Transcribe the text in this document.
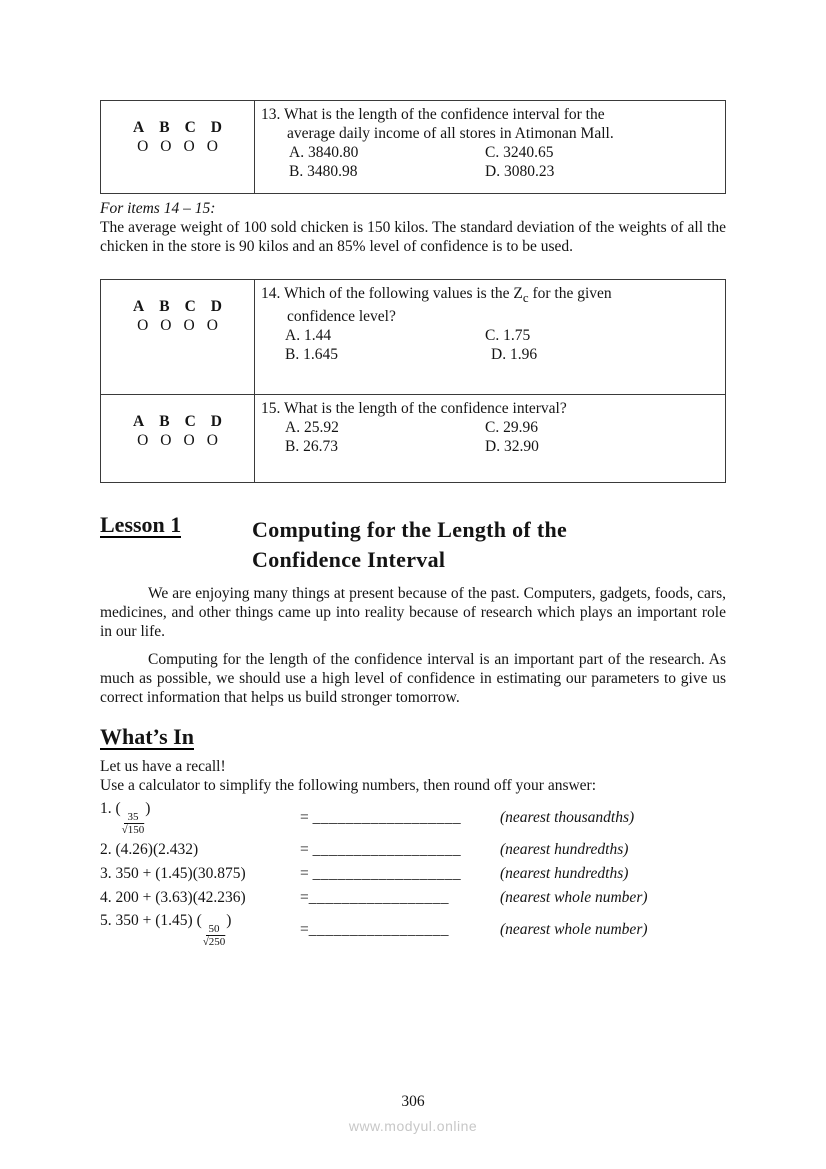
A B C D
O O O O

13. What is the length of the confidence interval for the
average daily income of all stores in Atimonan Mall.
A. 3840.80	C. 3240.65
B. 3480.98	D. 3080.23
For items 14 – 15:
The average weight of 100 sold chicken is 150 kilos. The standard deviation of the weights of all the chicken in the store is 90 kilos and an 85% level of confidence is to be used.
A B C D
O O O O

14. Which of the following values is the $Z_c$ for the given
confidence level?
A. 1.44	C. 1.75
B. 1.645	D. 1.96

A B C D
O O O O

15. What is the length of the confidence interval?
A. 25.92	C. 29.96
B. 26.73	D. 32.90
Lesson 1	Computing for the Length of the
Confidence Interval

We are enjoying many things at present because of the past. Computers, gadgets, foods, cars, medicines, and other things came up into reality because of research which plays an important role in our life.

Computing for the length of the confidence interval is an important part of the research. As much as possible, we should use a high level of confidence in estimating our parameters to give us correct information that helps us build stronger tomorrow.

What’s In
Let us have a recall!
Use a calculator to simplify the following numbers, then round off your answer:
1. (
$\frac{35}{√150}$
)
= __________________	(nearest thousandths)
2. (4.26)(2.432)	= __________________	(nearest hundredths)
3. 350 + (1.45)(30.875)	= __________________	(nearest hundredths)
4. 200 + (3.63)(42.236)	=_________________	(nearest whole number)
5. 350 + (1.45) (
$\frac{50}{√250}$
)
=_________________	(nearest whole number)
306
www.modyul.online
